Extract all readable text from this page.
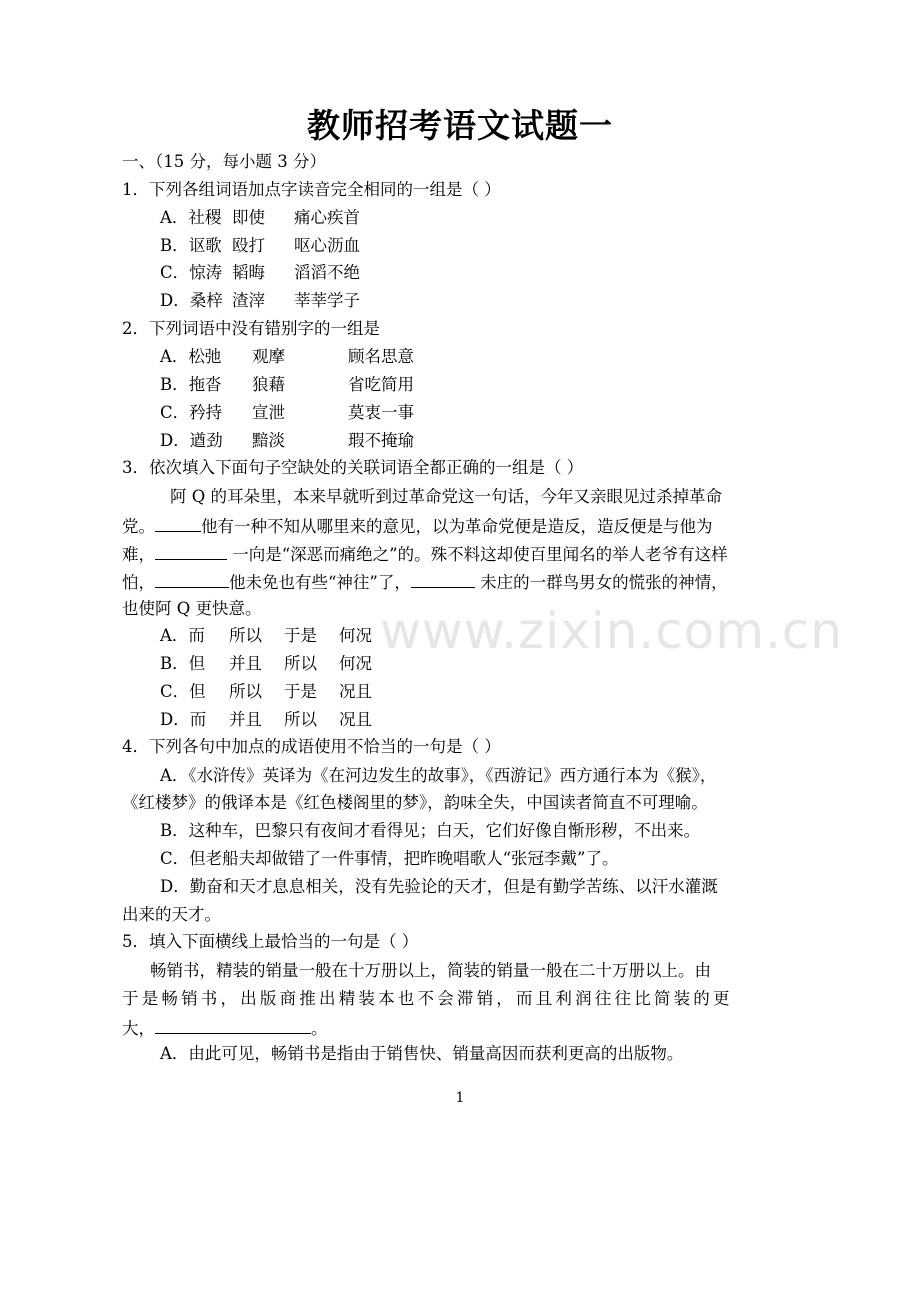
教师招考语文试题一
www.zixin.com.cn
一、（15 分，每小题 3 分）
1．下列各组词语加点字读音完全相同的一组是（ ）
A．社稷 即使 痛心疾首
B．讴歌 殴打 呕心沥血
C．惊涛 韬晦 滔滔不绝
D．桑梓 渣滓 莘莘学子
2．下列词语中没有错别字的一组是
A．松弛 观摩	顾名思意
B．拖沓 狼藉	省吃简用
C．矜持 宣泄	莫衷一事
D．遒劲 黯淡	瑕不掩瑜
3．依次填入下面句子空缺处的关联词语全都正确的一组是（ ）
阿 Q 的耳朵里，本来早就听到过革命党这一句话，今年又亲眼见过杀掉革命
党。	他有一种不知从哪里来的意见，以为革命党便是造反，造反便是与他为
难，	一向是“深恶而痛绝之”的。殊不料这却使百里闻名的举人老爷有这样
怕，	他未免也有些“神往”了，	未庄的一群鸟男女的慌张的神情，
也使阿 Q 更快意。
A．而 所以 于是 何况
B．但 并且 所以 何况
C．但 所以 于是 况且
D．而 并且 所以 况且
4．下列各句中加点的成语使用不恰当的一句是（ ）
A．《水浒传》英译为《在河边发生的故事》，《西游记》西方通行本为《猴》，
《红楼梦》的俄译本是《红色楼阁里的梦》，韵味全失，中国读者简直不可理喻。
B．这种车，巴黎只有夜间才看得见；白天，它们好像自惭形秽，不出来。
C．但老船夫却做错了一件事情，把昨晚唱歌人“张冠李戴”了。
D．勤奋和天才息息相关，没有先验论的天才，但是有勤学苦练、以汗水灌溉
出来的天才。
5．填入下面横线上最恰当的一句是（ ）
畅销书，精装的销量一般在十万册以上，简装的销量一般在二十万册以上。由
于是畅销书，出版商推出精装本也不会滞销，而且利润往往比简装的更
大，	。
A．由此可见，畅销书是指由于销售快、销量高因而获利更高的出版物。
1
